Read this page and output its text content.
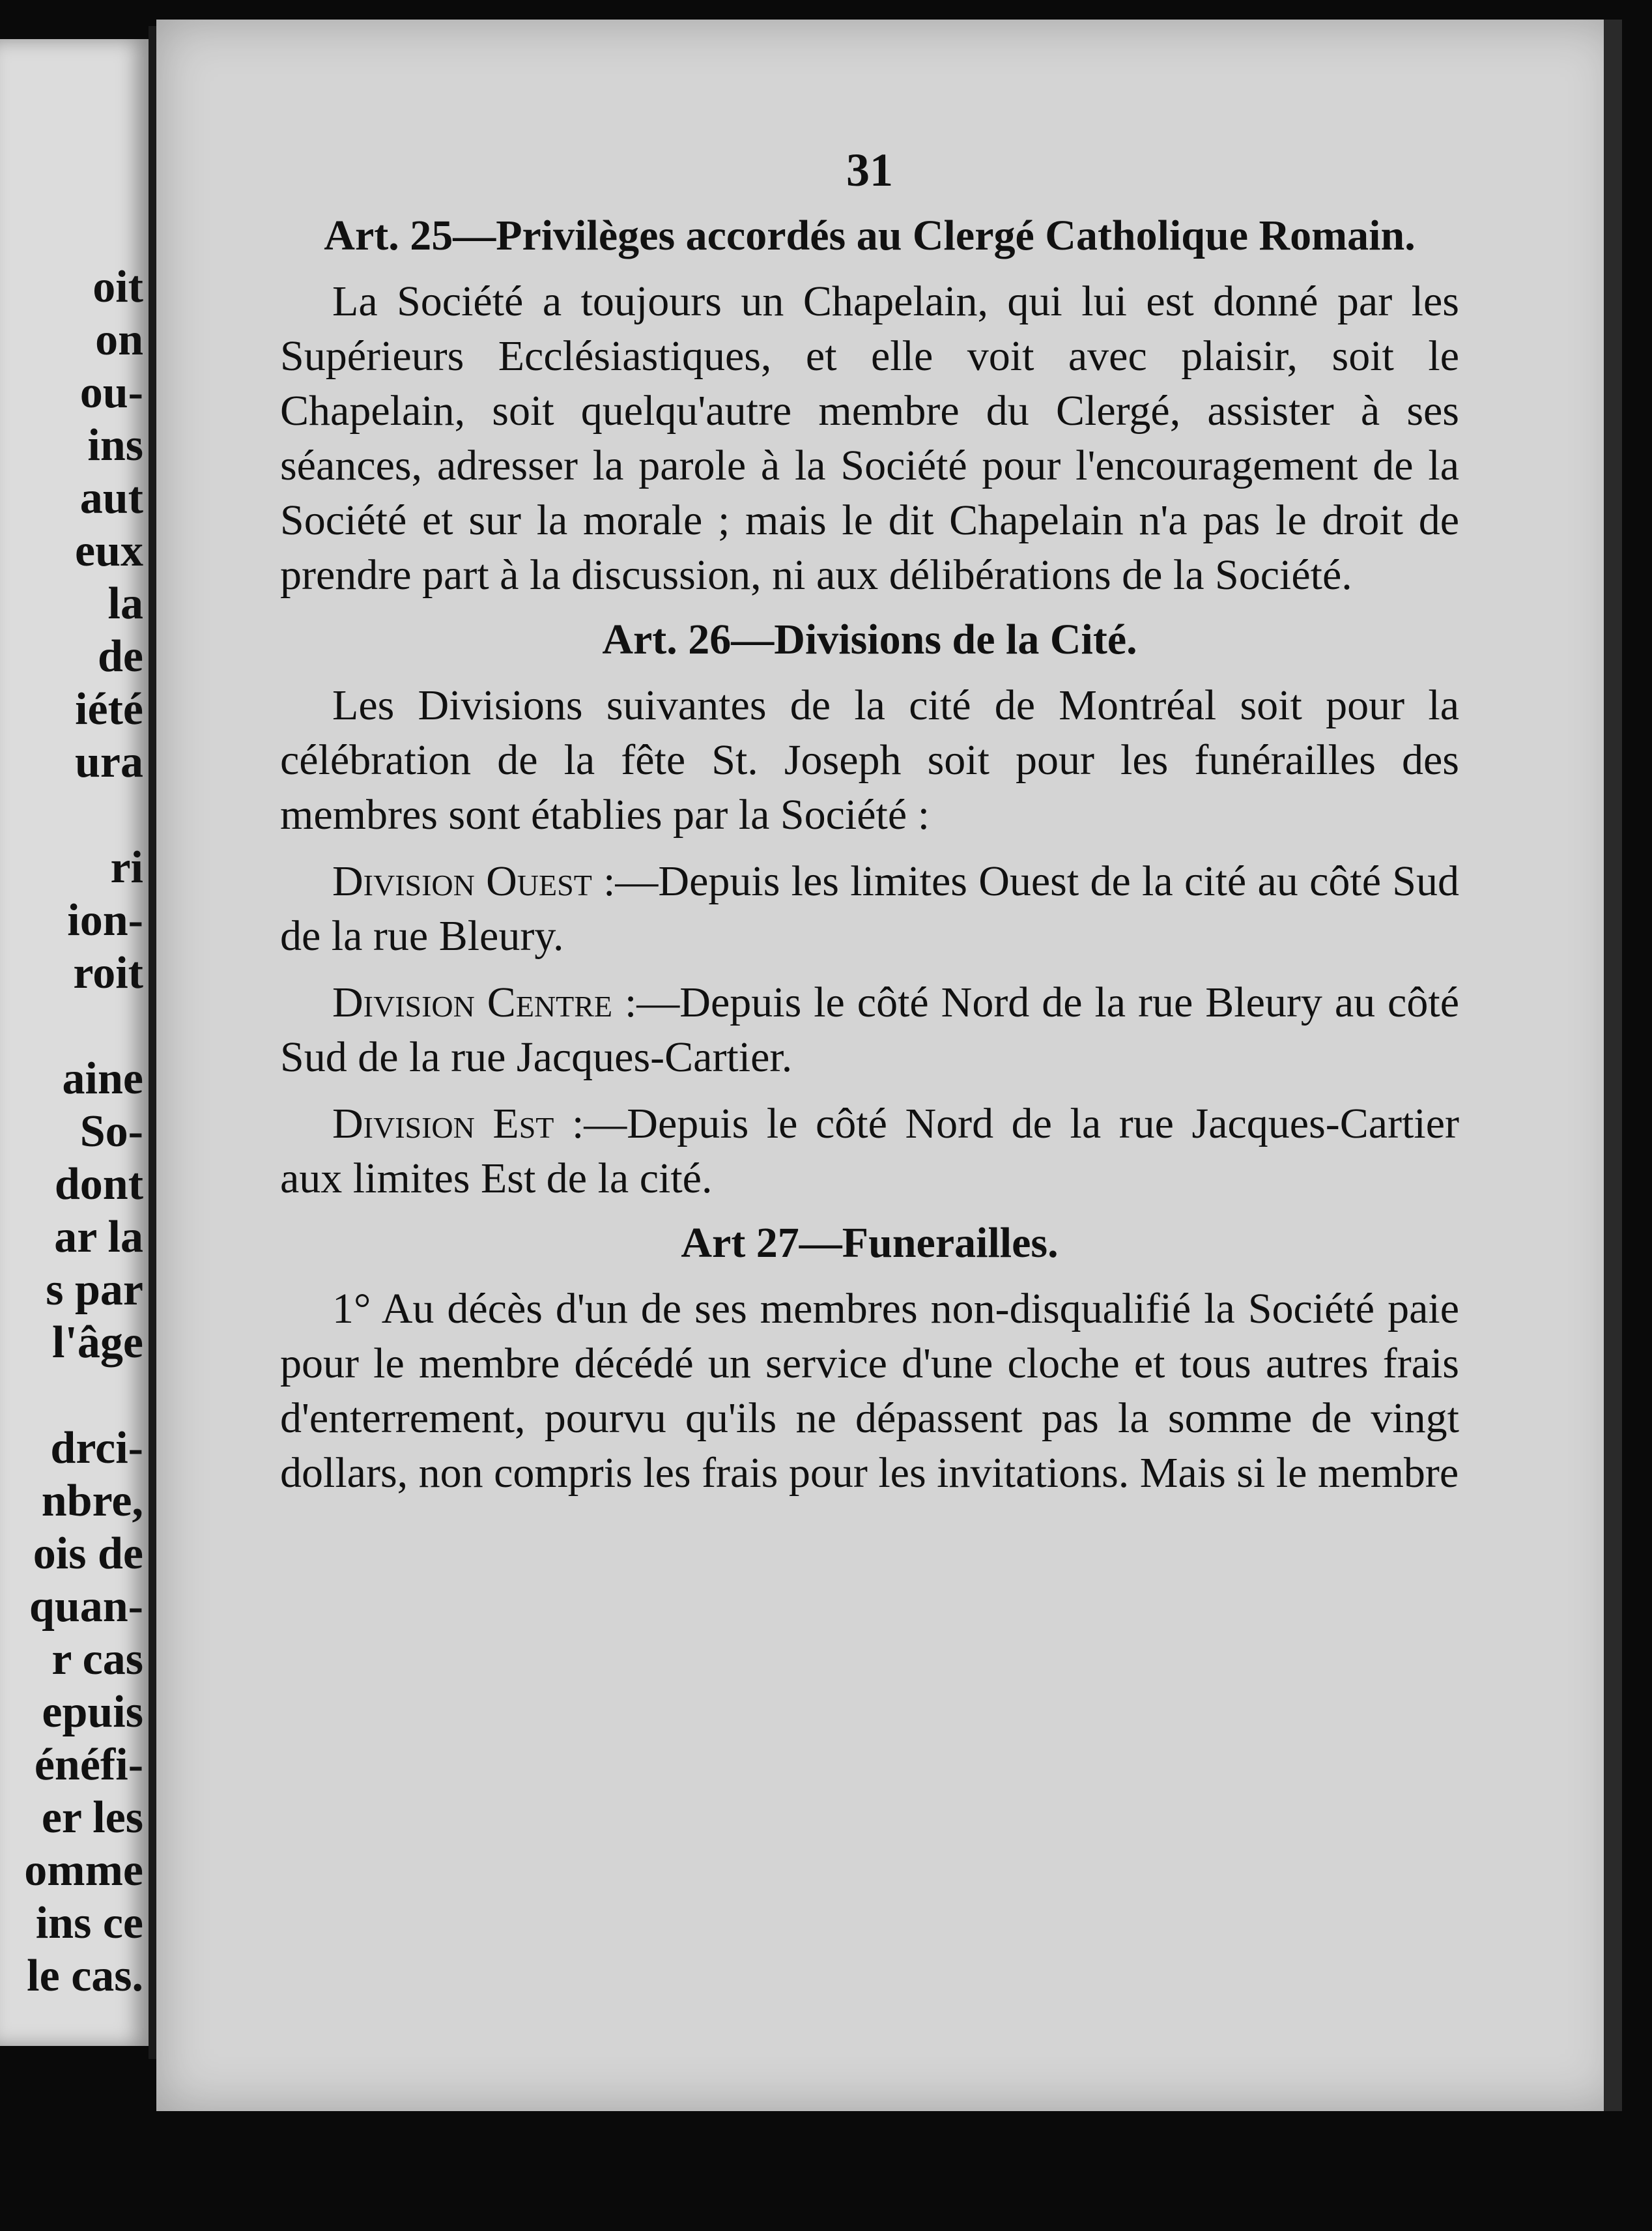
oit
on
ou-
ins
aut
eux
la
de
iété
ura

ri
ion-
roit

aine
So-
dont
ar la
s par
l'âge

drci-
nbre,
ois de
quan-
r cas
epuis
énéfi-
er les
omme
ins ce
le cas.
31
Art. 25—Privilèges accordés au Clergé Catholique Romain.

La Société a toujours un Chapelain, qui lui est donné par les Supérieurs Ecclésiastiques, et elle voit avec plaisir, soit le Chapelain, soit quelqu'autre membre du Clergé, assister à ses séances, adresser la parole à la Société pour l'encouragement de la Société et sur la morale ; mais le dit Chapelain n'a pas le droit de prendre part à la discussion, ni aux délibérations de la Société.

Art. 26—Divisions de la Cité.

Les Divisions suivantes de la cité de Montréal soit pour la célébration de la fête St. Joseph soit pour les funérailles des membres sont établies par la Société :

Division Ouest :—Depuis les limites Ouest de la cité au côté Sud de la rue Bleury.

Division Centre :—Depuis le côté Nord de la rue Bleury au côté Sud de la rue Jacques-Cartier.

Division Est :—Depuis le côté Nord de la rue Jacques-Cartier aux limites Est de la cité.

Art 27—Funerailles.

1° Au décès d'un de ses membres non-disqualifié la Société paie pour le membre décédé un service d'une cloche et tous autres frais d'enterrement, pourvu qu'ils ne dépassent pas la somme de vingt dollars, non compris les frais pour les invitations. Mais si le membre
